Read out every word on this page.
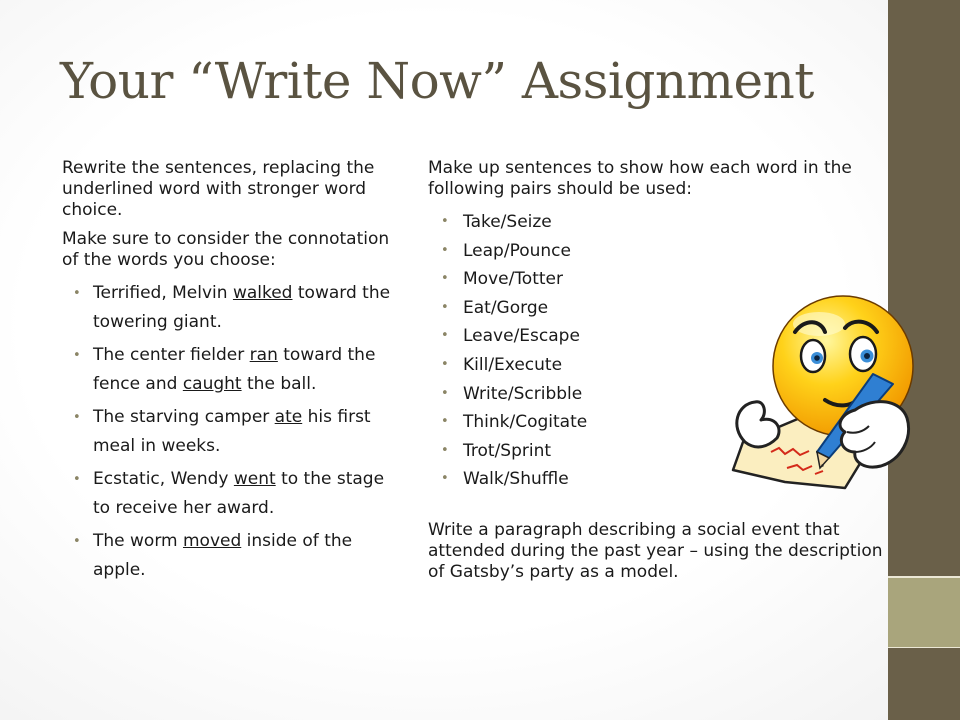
Your “Write Now” Assignment

Rewrite the sentences, replacing the underlined word with stronger word choice.

Make sure to consider the connotation of the words you choose:

• Terrified, Melvin walked toward the towering giant.
• The center fielder ran toward the fence and caught the ball.
• The starving camper ate his first meal in weeks.
• Ecstatic, Wendy went to the stage to receive her award.
• The worm moved inside of the apple.

Make up sentences to show how each word in the following pairs should be used:

• Take/Seize
• Leap/Pounce
• Move/Totter
• Eat/Gorge
• Leave/Escape
• Kill/Execute
• Write/Scribble
• Think/Cogitate
• Trot/Sprint
• Walk/Shuffle

Write a paragraph describing a social event that attended during the past year – using the description of Gatsby’s party as a model.
